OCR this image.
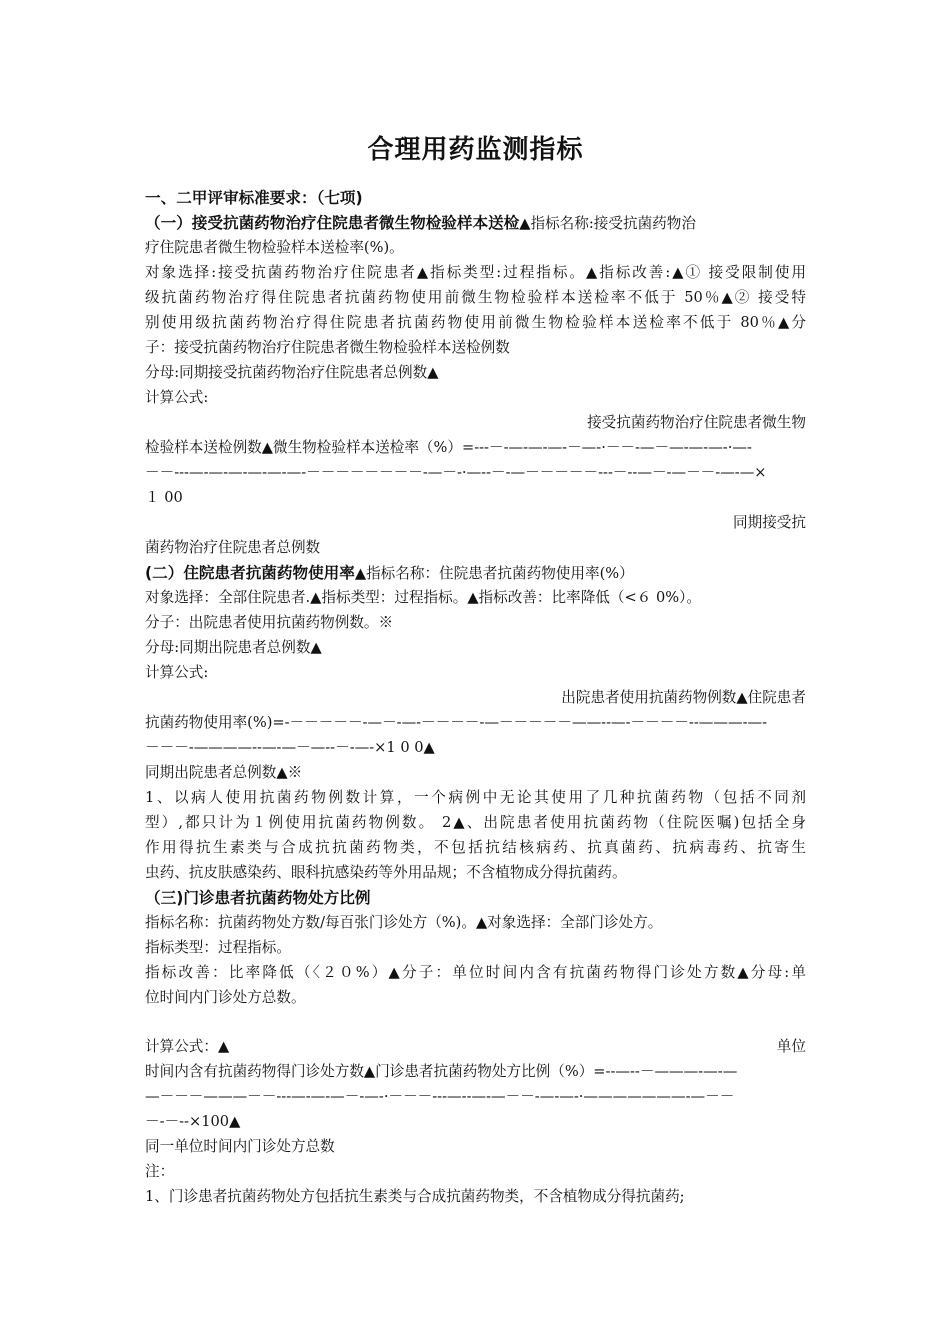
合理用药监测指标
一、二甲评审标准要求：（七项)
（一）接受抗菌药物治疗住院患者微生物检验样本送检▲指标名称:接受抗菌药物治
疗住院患者微生物检验样本送检率(%)。
对象选择:接受抗菌药物治疗住院患者▲指标类型:过程指标。▲指标改善:▲① 接受限制使用
级抗菌药物治疗得住院患者抗菌药物使用前微生物检验样本送检率不低于 50％▲② 接受特
别使用级抗菌药物治疗得住院患者抗菌药物使用前微生物检验样本送检率不低于 80％▲分
子：接受抗菌药物治疗住院患者微生物检验样本送检例数
分母:同期接受抗菌药物治疗住院患者总例数▲
计算公式:
接受抗菌药物治疗住院患者微生物
检验样本送检例数▲微生物检验样本送检率（%）=---－-—-—-—-－—-·－－-—－—-—-—-·—-
－－---—-—-—-—-—-—-－－－－－－－－-—－-·—--－-—－－－－－---－--—－-—－－-—-—×
１ 00
同期接受抗
菌药物治疗住院患者总例数
(二）住院患者抗菌药物使用率▲指标名称：住院患者抗菌药物使用率(%）
对象选择：全部住院患者.▲指标类型：过程指标。▲指标改善：比率降低（<６ 0%）。
分子：出院患者使用抗菌药物例数。※
分母:同期出院患者总例数▲
计算公式:
出院患者使用抗菌药物例数▲住院患者
抗菌药物使用率(%)=-－－－－－-—－-—-－－－－-—－－－－－——--—-－－－－--———-—-
－－－-————--—-—－—--－-—-×1 0 0▲
同期出院患者总例数▲※
1、以病人使用抗菌药物例数计算，一个病例中无论其使用了几种抗菌药物（包括不同剂
型）,都只计为１例使用抗菌药物例数。 2▲、出院患者使用抗菌药物（住院医嘱)包括全身
作用得抗生素类与合成抗抗菌药物类，不包括抗结核病药、抗真菌药、抗病毒药、抗寄生
虫药、抗皮肤感染药、眼科抗感染药等外用品规；不含植物成分得抗菌药。
（三)门诊患者抗菌药物处方比例
指标名称：抗菌药物处方数/每百张门诊处方（%)。▲对象选择：全部门诊处方。
指标类型：过程指标。
指标改善：比率降低（〈２０%）▲分子：单位时间内含有抗菌药物得门诊处方数▲分母:单
位时间内门诊处方总数。
计算公式：▲	单位
时间内含有抗菌药物得门诊处方数▲门诊患者抗菌药物处方比例（%）=--—--－———-—-—
—－－－———－－---—-—-—－-—-·－－－---—--—-—－－-—-—-·———————-—－－
－-－--×100▲
同一单位时间内门诊处方总数
注：
1、门诊患者抗菌药物处方包括抗生素类与合成抗菌药物类，不含植物成分得抗菌药;
